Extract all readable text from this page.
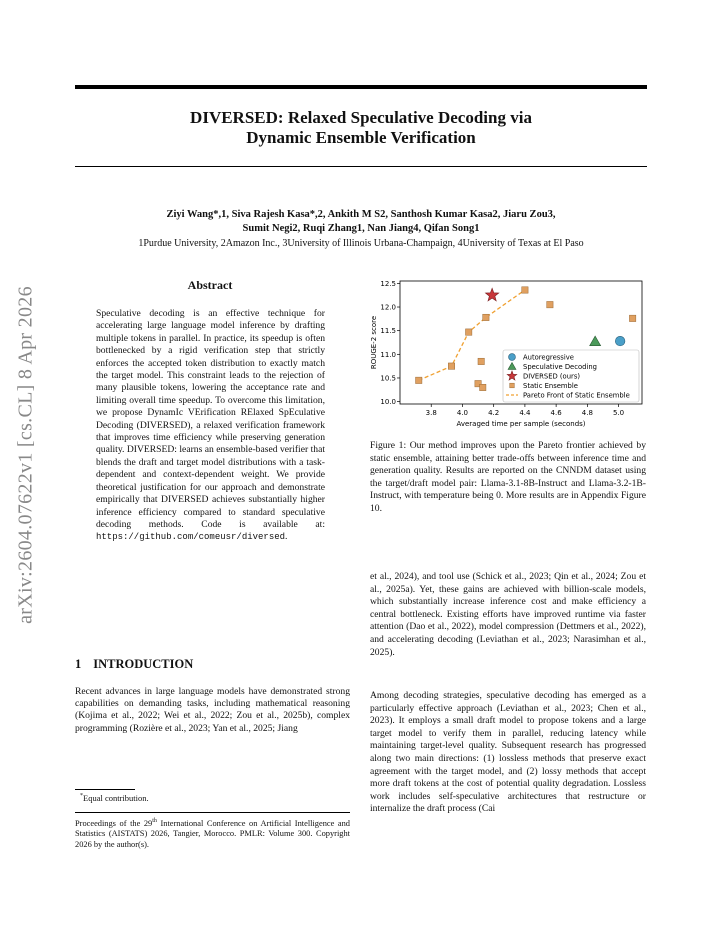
DIVERSED: Relaxed Speculative Decoding via
Dynamic Ensemble Verification
Ziyi Wang*,1, Siva Rajesh Kasa*,2, Ankith M S2, Santhosh Kumar Kasa2, Jiaru Zou3,
Sumit Negi2, Ruqi Zhang1, Nan Jiang4, Qifan Song1
1Purdue University, 2Amazon Inc., 3University of Illinois Urbana-Champaign, 4University of Texas at El Paso
arXiv:2604.07622v1 [cs.CL] 8 Apr 2026
Abstract
Speculative decoding is an effective technique for accelerating large language model inference by drafting multiple tokens in parallel. In practice, its speedup is often bottlenecked by a rigid verification step that strictly enforces the accepted token distribution to exactly match the target model. This constraint leads to the rejection of many plausible tokens, lowering the acceptance rate and limiting overall time speedup. To overcome this limitation, we propose DynamIc VErification RElaxed SpEculative Decoding (DIVERSED), a relaxed verification framework that improves time efficiency while preserving generation quality. DIVERSED: learns an ensemble-based verifier that blends the draft and target model distributions with a task-dependent and context-dependent weight. We provide theoretical justification for our approach and demonstrate empirically that DIVERSED achieves substantially higher inference efficiency compared to standard speculative decoding methods. Code is available at: https://github.com/comeusr/diversed.
1 INTRODUCTION
Recent advances in large language models have demonstrated strong capabilities on demanding tasks, including mathematical reasoning (Kojima et al., 2022; Wei et al., 2022; Zou et al., 2025b), complex programming (Rozière et al., 2023; Yan et al., 2025; Jiang
*Equal contribution.
Proceedings of the 29th International Conference on Artificial Intelligence and Statistics (AISTATS) 2026, Tangier, Morocco. PMLR: Volume 300. Copyright 2026 by the author(s).
3.8	4.0	4.2	4.4	4.6	4.8	5.0
10.0
10.5
11.0
11.5
12.0
12.5
Averaged time per sample (seconds)
ROUGE-2 score	Autoregressive
Speculative Decoding
DIVERSED (ours)
Static Ensemble
Pareto Front of Static Ensemble
Figure 1: Our method improves upon the Pareto frontier achieved by static ensemble, attaining better trade-offs between inference time and generation quality. Results are reported on the CNNDM dataset using the target/draft model pair: Llama-3.1-8B-Instruct and Llama-3.2-1B-Instruct, with temperature being 0. More results are in Appendix Figure 10.
et al., 2024), and tool use (Schick et al., 2023; Qin et al., 2024; Zou et al., 2025a). Yet, these gains are achieved with billion-scale models, which substantially increase inference cost and make efficiency a central bottleneck. Existing efforts have improved runtime via faster attention (Dao et al., 2022), model compression (Dettmers et al., 2022), and accelerating decoding (Leviathan et al., 2023; Narasimhan et al., 2025).
Among decoding strategies, speculative decoding has emerged as a particularly effective approach (Leviathan et al., 2023; Chen et al., 2023). It employs a small draft model to propose tokens and a large target model to verify them in parallel, reducing latency while maintaining target-level quality. Subsequent research has progressed along two main directions: (1) lossless methods that preserve exact agreement with the target model, and (2) lossy methods that accept more draft tokens at the cost of potential quality degradation. Lossless work includes self-speculative architectures that restructure or internalize the draft process (Cai
